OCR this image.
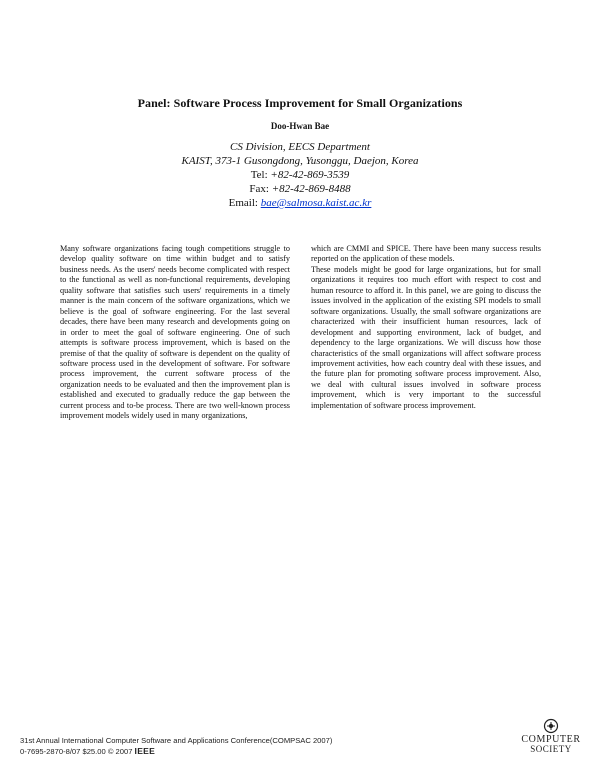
Panel: Software Process Improvement for Small Organizations
Doo-Hwan Bae
CS Division, EECS Department
KAIST, 373-1 Gusongdong, Yusonggu, Daejon, Korea
Tel: +82-42-869-3539
Fax: +82-42-869-8488
Email: bae@salmosa.kaist.ac.kr

Many software organizations facing tough competitions struggle to develop quality software on time within budget and to satisfy business needs. As the users' needs become complicated with respect to the functional as well as non-functional requirements, developing quality software that satisfies such users' requirements in a timely manner is the main concern of the software organizations, which we believe is the goal of software engineering. For the last several decades, there have been many research and developments going on in order to meet the goal of software engineering. One of such attempts is software process improvement, which is based on the premise of that the quality of software is dependent on the quality of software process used in the development of software. For software process improvement, the current software process of the organization needs to be evaluated and then the improvement plan is established and executed to gradually reduce the gap between the current process and to-be process. There are two well-known process improvement models widely used in many organizations,

which are CMMI and SPICE. There have been many success results reported on the application of these models.

These models might be good for large organizations, but for small organizations it requires too much effort with respect to cost and human resource to afford it. In this panel, we are going to discuss the issues involved in the application of the existing SPI models to small software organizations. Usually, the small software organizations are characterized with their insufficient human resources, lack of development and supporting environment, lack of budget, and dependency to the large organizations. We will discuss how those characteristics of the small organizations will affect software process improvement activities, how each country deal with these issues, and the future plan for promoting software process improvement. Also, we deal with cultural issues involved in software process improvement, which is very important to the successful implementation of software process improvement.

31st Annual International Computer Software and Applications Conference(COMPSAC 2007)
0-7695-2870-8/07 $25.00 © 2007 IEEE
COMPUTER
SOCIETY
